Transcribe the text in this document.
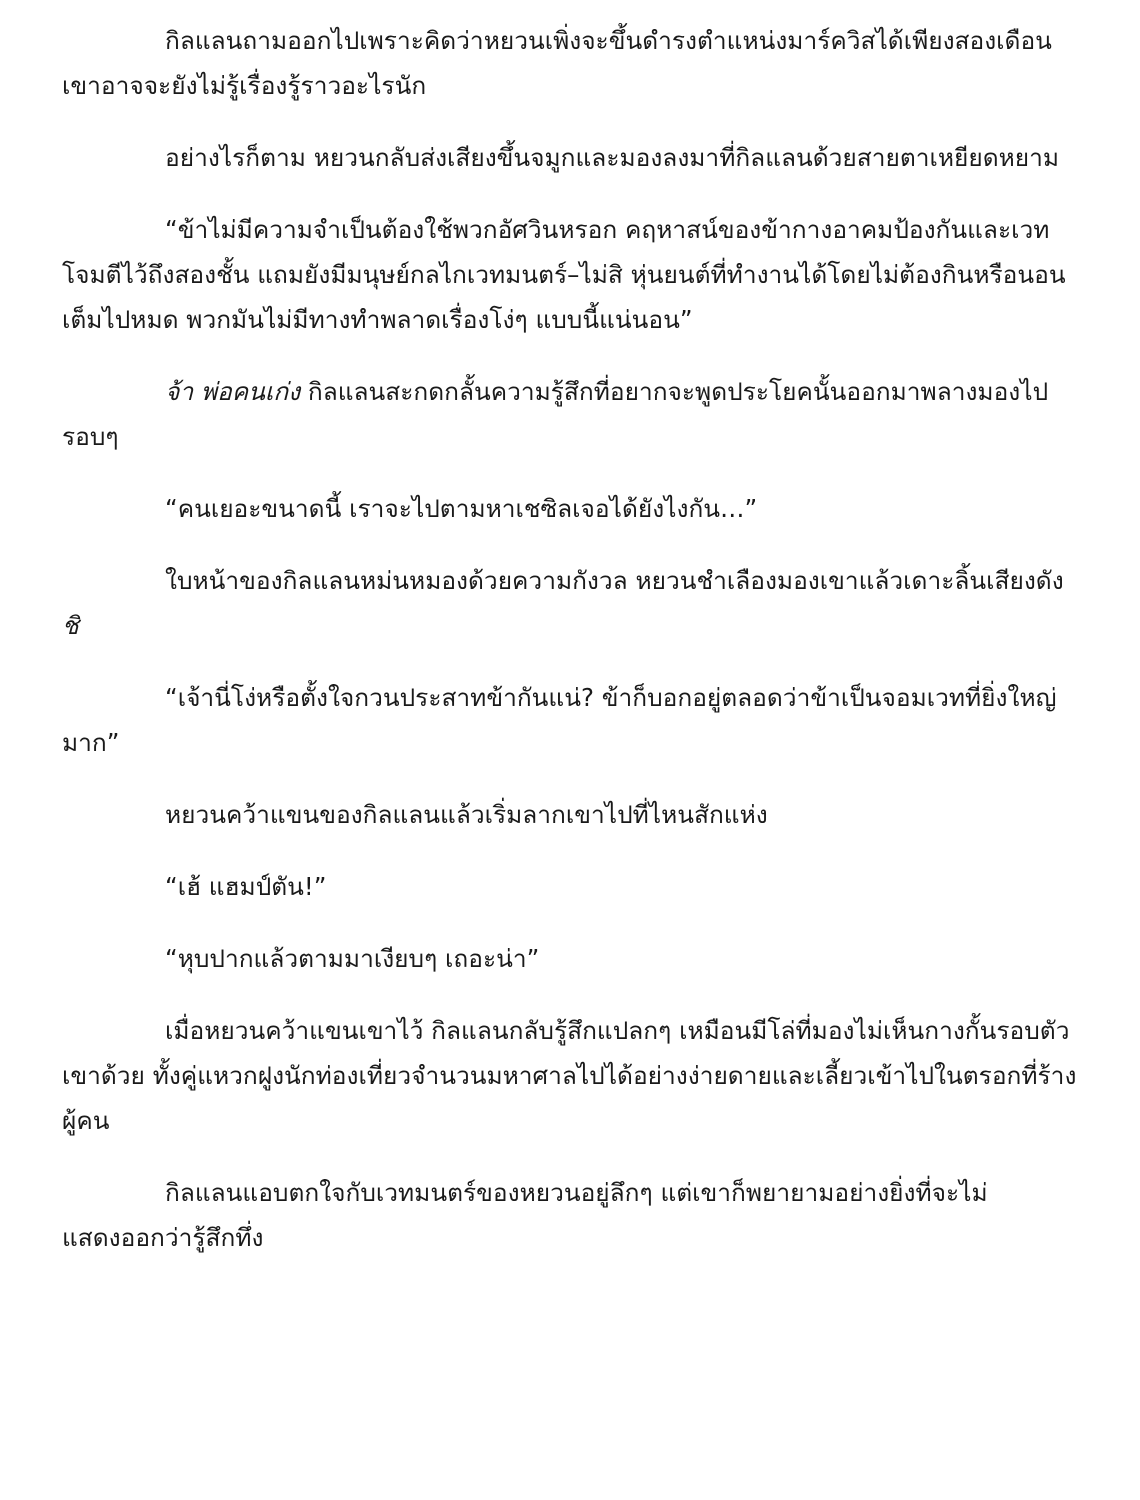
กิลแลนถามออกไปเพราะคิดว่าหยวนเพิ่งจะขึ้นดำรงตำแหน่งมาร์ควิสได้เพียงสองเดือน เขาอาจจะยังไม่รู้เรื่องรู้ราวอะไรนัก

อย่างไรก็ตาม หยวนกลับส่งเสียงขึ้นจมูกและมองลงมาที่กิลแลนด้วยสายตาเหยียดหยาม

“ข้าไม่มีความจำเป็นต้องใช้พวกอัศวินหรอก คฤหาสน์ของข้ากางอาคมป้องกันและเวทโจมตีไว้ถึงสองชั้น แถมยังมีมนุษย์กลไกเวทมนตร์–ไม่สิ หุ่นยนต์ที่ทำงานได้โดยไม่ต้องกินหรือนอนเต็มไปหมด พวกมันไม่มีทางทำพลาดเรื่องโง่ๆ แบบนี้แน่นอน”

จ้า พ่อคนเก่ง กิลแลนสะกดกลั้นความรู้สึกที่อยากจะพูดประโยคนั้นออกมาพลางมองไปรอบๆ

“คนเยอะขนาดนี้ เราจะไปตามหาเชซิลเจอได้ยังไงกัน…”

ใบหน้าของกิลแลนหม่นหมองด้วยความกังวล หยวนชำเลืองมองเขาแล้วเดาะลิ้นเสียงดัง ชิ

“เจ้านี่โง่หรือตั้งใจกวนประสาทข้ากันแน่? ข้าก็บอกอยู่ตลอดว่าข้าเป็นจอมเวทที่ยิ่งใหญ่มาก”

หยวนคว้าแขนของกิลแลนแล้วเริ่มลากเขาไปที่ไหนสักแห่ง

“เฮ้ แฮมป์ตัน!”

“หุบปากแล้วตามมาเงียบๆ เถอะน่า”

เมื่อหยวนคว้าแขนเขาไว้ กิลแลนกลับรู้สึกแปลกๆ เหมือนมีโล่ที่มองไม่เห็นกางกั้นรอบตัวเขาด้วย ทั้งคู่แหวกฝูงนักท่องเที่ยวจำนวนมหาศาลไปได้อย่างง่ายดายและเลี้ยวเข้าไปในตรอกที่ร้างผู้คน

กิลแลนแอบตกใจกับเวทมนตร์ของหยวนอยู่ลึกๆ แต่เขาก็พยายามอย่างยิ่งที่จะไม่แสดงออกว่ารู้สึกทึ่ง
